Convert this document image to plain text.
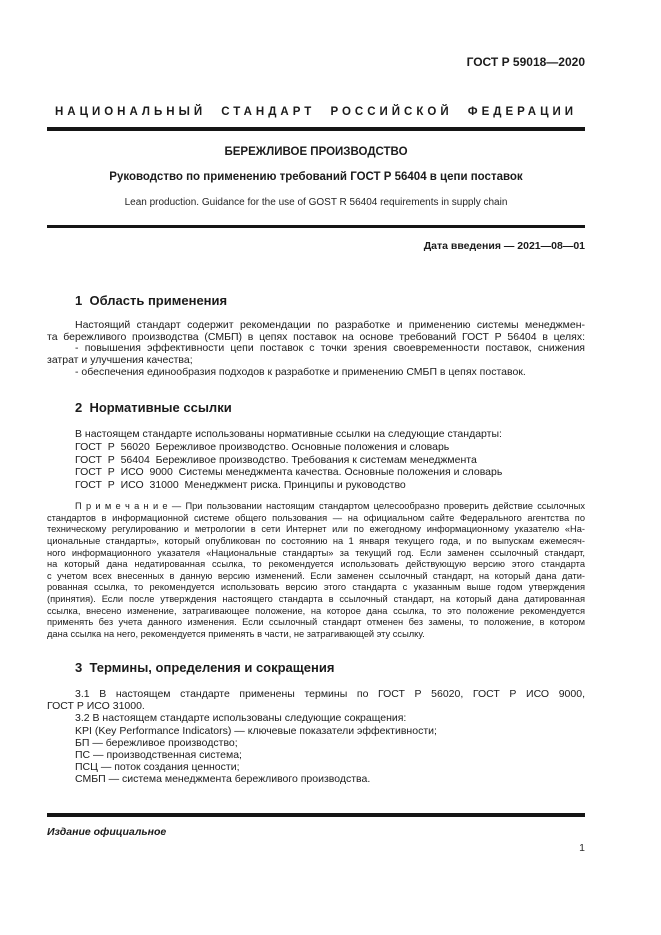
ГОСТ Р 59018—2020
НАЦИОНАЛЬНЫЙ СТАНДАРТ РОССИЙСКОЙ ФЕДЕРАЦИИ
БЕРЕЖЛИВОЕ ПРОИЗВОДСТВО
Руководство по применению требований ГОСТ Р 56404 в цепи поставок
Lean production. Guidance for the use of GOST R 56404 requirements in supply chain
Дата введения — 2021—08—01
1  Область применения
Настоящий стандарт содержит рекомендации по разработке и применению системы менеджмен-
та бережливого производства (СМБП) в цепях поставок на основе требований ГОСТ Р 56404 в целях:
- повышения эффективности цепи поставок с точки зрения своевременности поставок, снижения
затрат и улучшения качества;
- обеспечения единообразия подходов к разработке и применению СМБП в цепях поставок.
2  Нормативные ссылки
В настоящем стандарте использованы нормативные ссылки на следующие стандарты:
ГОСТ  Р  56020  Бережливое производство. Основные положения и словарь
ГОСТ  Р  56404  Бережливое производство. Требования к системам менеджмента
ГОСТ  Р  ИСО  9000  Системы менеджмента качества. Основные положения и словарь
ГОСТ  Р  ИСО  31000  Менеджмент риска. Принципы и руководство
П р и м е ч а н и е — При пользовании настоящим стандартом целесообразно проверить действие ссылочных
стандартов в информационной системе общего пользования — на официальном сайте Федерального агентства по
техническому регулированию и метрологии в сети Интернет или по ежегодному информационному указателю «На-
циональные стандарты», который опубликован по состоянию на 1 января текущего года, и по выпускам ежемесяч-
ного информационного указателя «Национальные стандарты» за текущий год. Если заменен ссылочный стандарт,
на который дана недатированная ссылка, то рекомендуется использовать действующую версию этого стандарта
с учетом всех внесенных в данную версию изменений. Если заменен ссылочный стандарт, на который дана дати-
рованная ссылка, то рекомендуется использовать версию этого стандарта с указанным выше годом утверждения
(принятия). Если после утверждения настоящего стандарта в ссылочный стандарт, на который дана датированная
ссылка, внесено изменение, затрагивающее положение, на которое дана ссылка, то это положение рекомендуется
применять без учета данного изменения. Если ссылочный стандарт отменен без замены, то положение, в котором
дана ссылка на него, рекомендуется применять в части, не затрагивающей эту ссылку.
3  Термины, определения и сокращения
3.1 В настоящем стандарте применены термины по ГОСТ Р 56020, ГОСТ Р ИСО 9000,
ГОСТ Р ИСО 31000.
3.2 В настоящем стандарте использованы следующие сокращения:
KPI (Key Performance Indicators) — ключевые показатели эффективности;
БП — бережливое производство;
ПС — производственная система;
ПСЦ — поток создания ценности;
СМБП — система менеджмента бережливого производства.
Издание официальное
1
